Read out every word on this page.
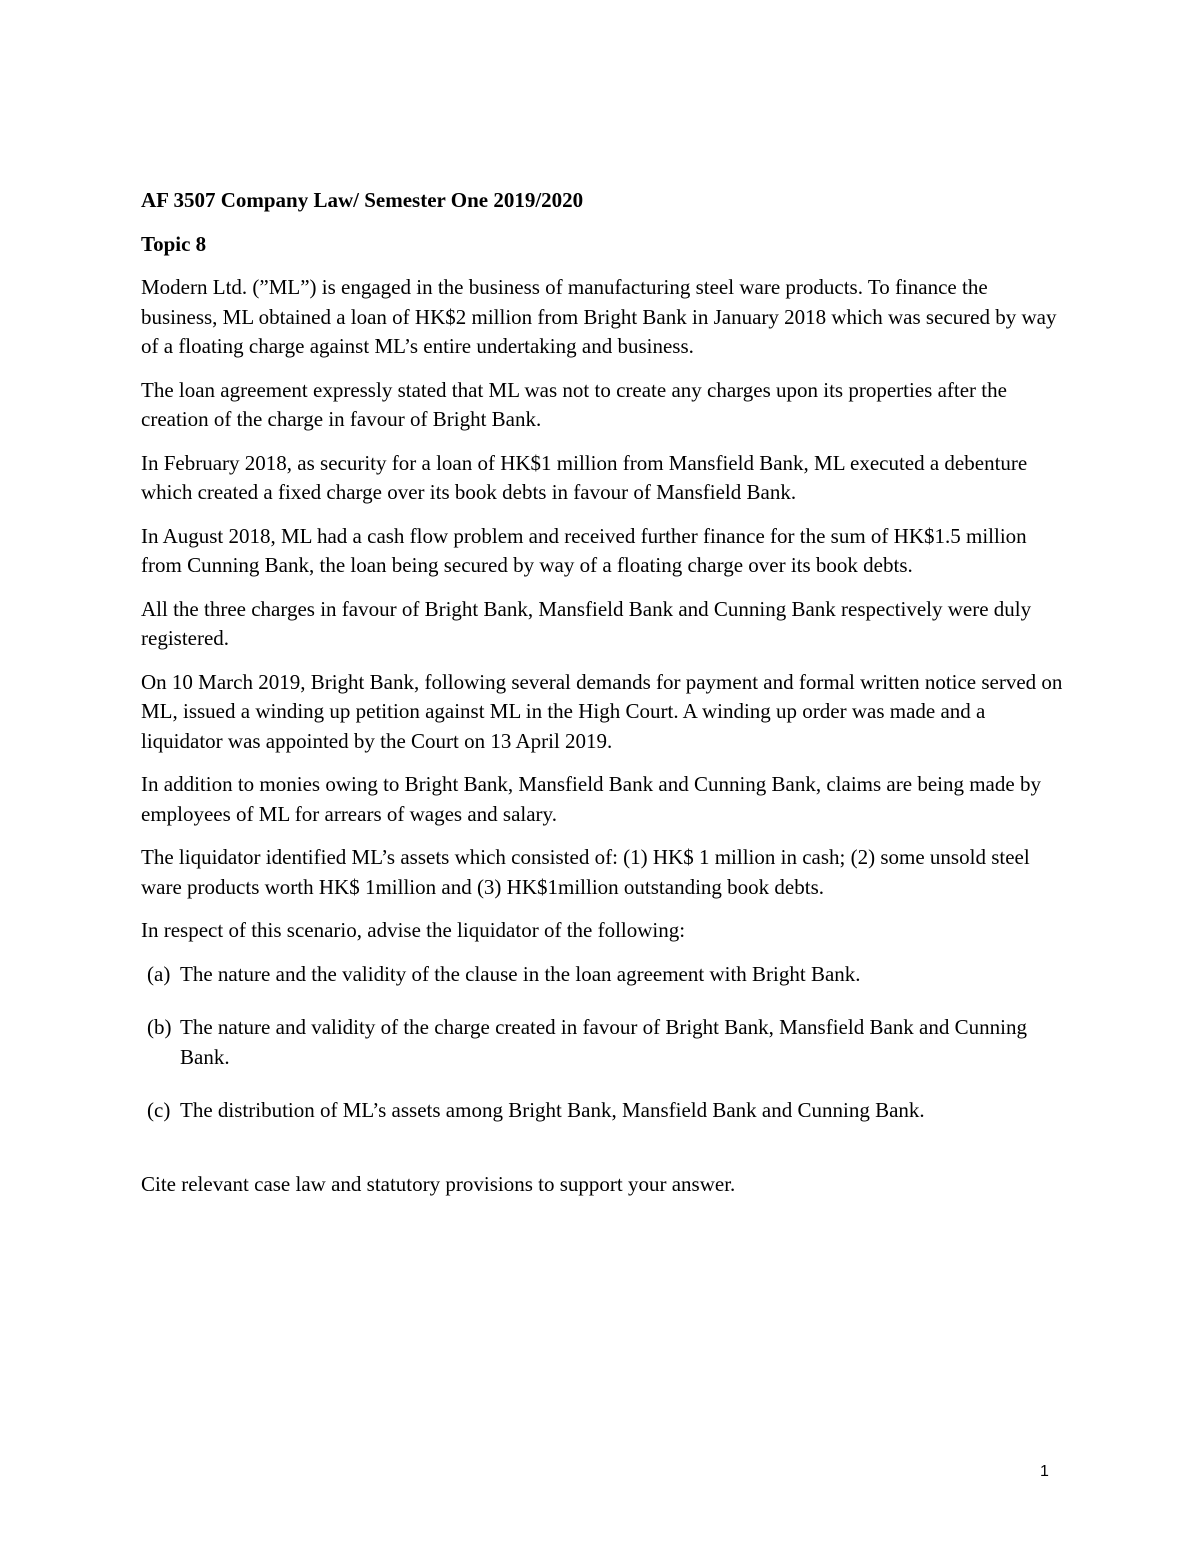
AF 3507 Company Law/ Semester One 2019/2020

Topic 8

Modern Ltd. (”ML”) is engaged in the business of manufacturing steel ware products. To finance the business, ML obtained a loan of HK$2 million from Bright Bank in January 2018 which was secured by way of a floating charge against ML’s entire undertaking and business.

The loan agreement expressly stated that ML was not to create any charges upon its properties after the creation of the charge in favour of Bright Bank.

In February 2018, as security for a loan of HK$1 million from Mansfield Bank, ML executed a debenture which created a fixed charge over its book debts in favour of Mansfield Bank.

In August 2018, ML had a cash flow problem and received further finance for the sum of HK$1.5 million from Cunning Bank, the loan being secured by way of a floating charge over its book debts.

All the three charges in favour of Bright Bank, Mansfield Bank and Cunning Bank respectively were duly registered.

On 10 March 2019, Bright Bank, following several demands for payment and formal written notice served on ML, issued a winding up petition against ML in the High Court. A winding up order was made and a liquidator was appointed by the Court on 13 April 2019.

In addition to monies owing to Bright Bank, Mansfield Bank and Cunning Bank, claims are being made by employees of ML for arrears of wages and salary.

The liquidator identified ML’s assets which consisted of: (1) HK$ 1 million in cash; (2) some unsold steel ware products worth HK$ 1million and (3) HK$1million outstanding book debts.

In respect of this scenario, advise the liquidator of the following:

(a) The nature and the validity of the clause in the loan agreement with Bright Bank.
(b) The nature and validity of the charge created in favour of Bright Bank, Mansfield Bank and Cunning Bank.
(c) The distribution of ML’s assets among Bright Bank, Mansfield Bank and Cunning Bank.

Cite relevant case law and statutory provisions to support your answer.

1
